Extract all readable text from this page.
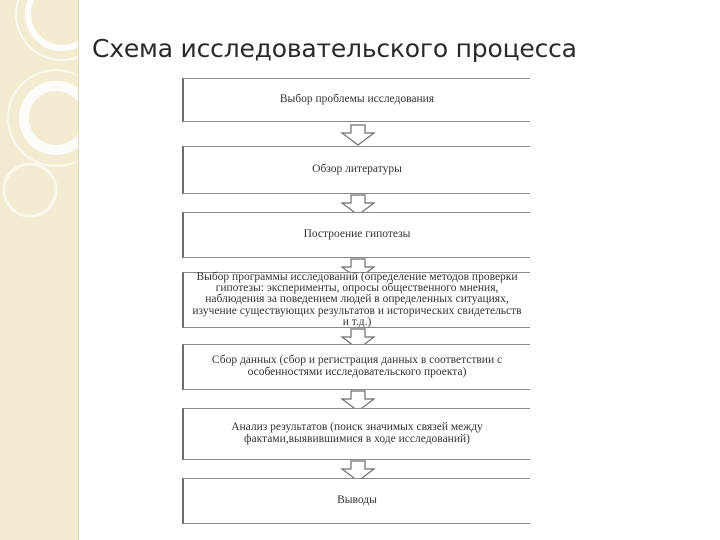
Схема исследовательского процесса
Выбор проблемы исследования
Обзор литературы
Построение гипотезы
Выбор программы исследований (определение методов проверки гипотезы: эксперименты, опросы общественного мнения, наблюдения за поведением людей в определенных ситуациях, изучение существующих результатов и исторических свидетельств и т.д.)
Сбор данных (сбор и регистрация данных в соответствии с особенностями исследовательского проекта)
Анализ результатов (поиск значимых связей между фактами,выявившимися в ходе исследований)
Выводы
